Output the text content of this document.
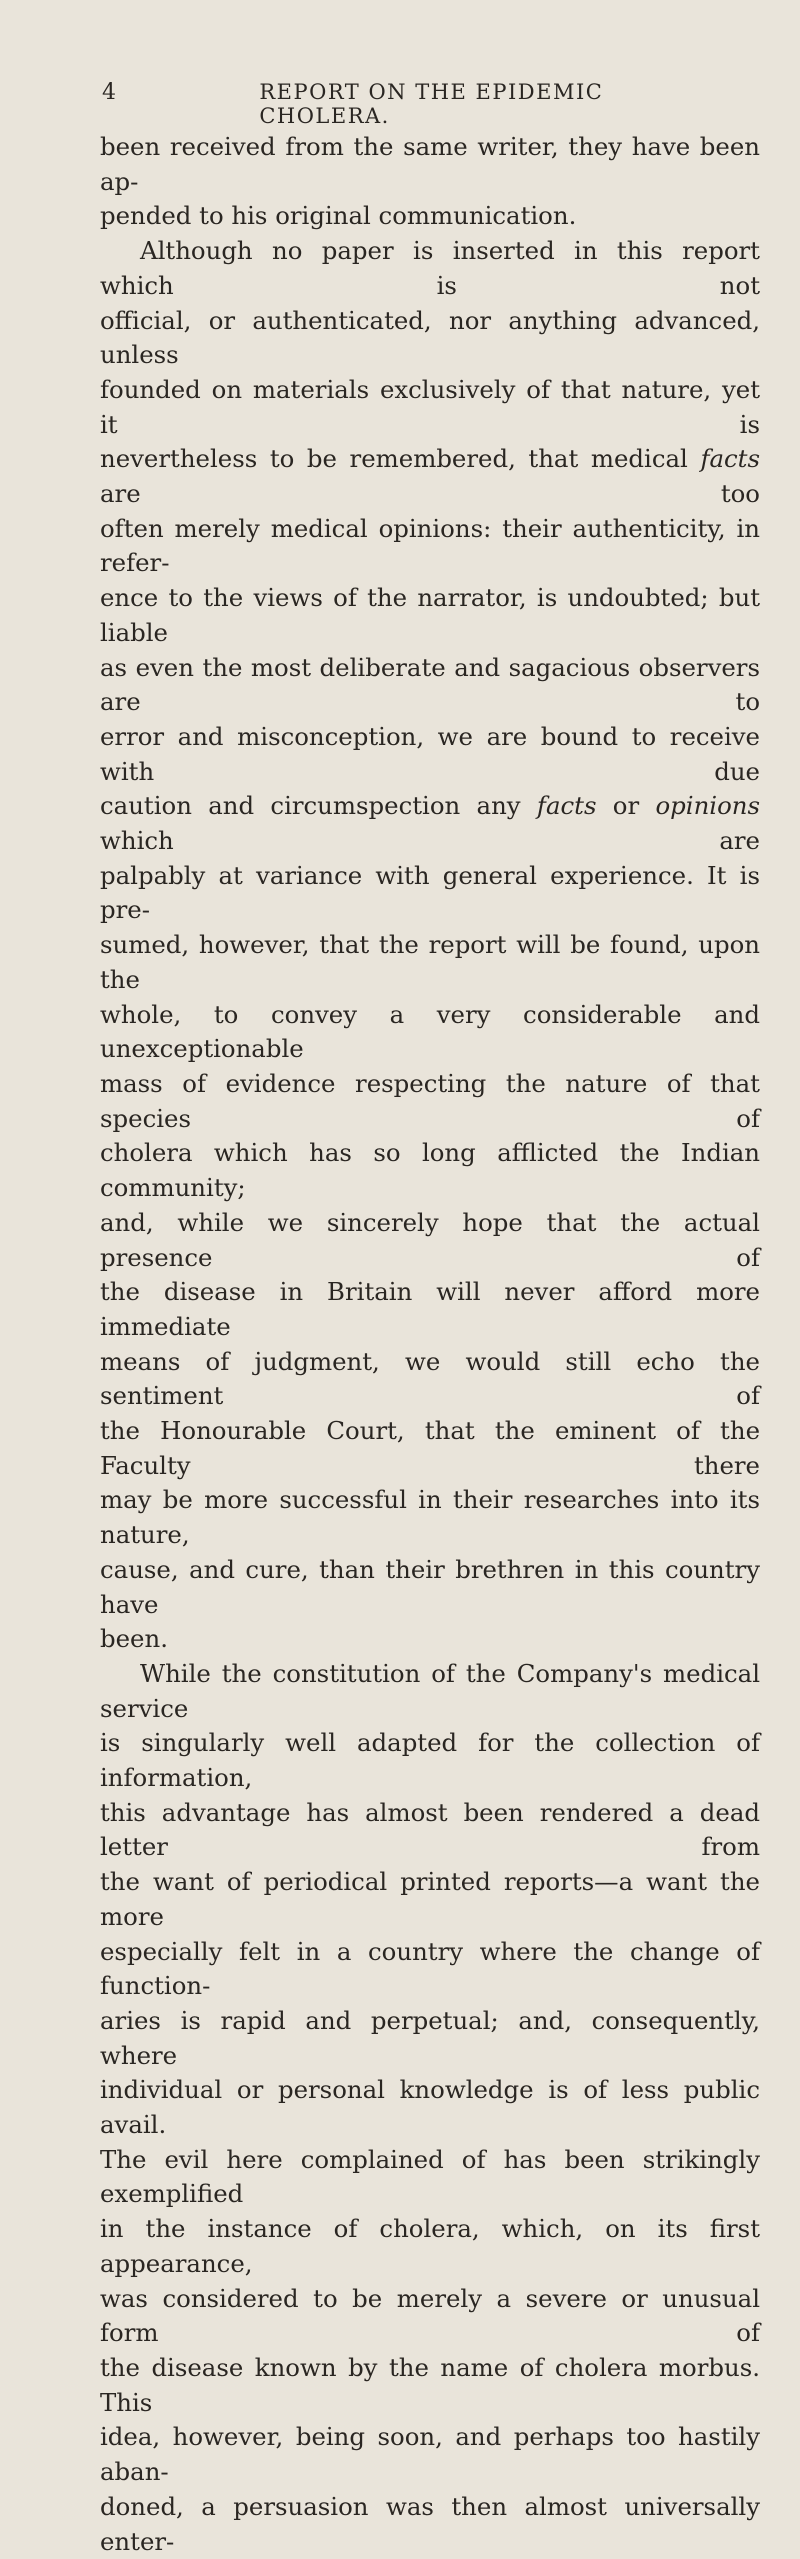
4	REPORT ON THE EPIDEMIC CHOLERA.

been received from the same writer, they have been ap-

pended to his original communication.

Although no paper is inserted in this report which is not

official, or authenticated, nor anything advanced, unless

founded on materials exclusively of that nature, yet it is

nevertheless to be remembered, that medical facts are too

often merely medical opinions: their authenticity, in refer-

ence to the views of the narrator, is undoubted; but liable

as even the most deliberate and sagacious observers are to

error and misconception, we are bound to receive with due

caution and circumspection any facts or opinions which are

palpably at variance with general experience. It is pre-

sumed, however, that the report will be found, upon the

whole, to convey a very considerable and unexceptionable

mass of evidence respecting the nature of that species of

cholera which has so long afflicted the Indian community;

and, while we sincerely hope that the actual presence of

the disease in Britain will never afford more immediate

means of judgment, we would still echo the sentiment of

the Honourable Court, that the eminent of the Faculty there

may be more successful in their researches into its nature,

cause, and cure, than their brethren in this country have

been.

While the constitution of the Company's medical service

is singularly well adapted for the collection of information,

this advantage has almost been rendered a dead letter from

the want of periodical printed reports—a want the more

especially felt in a country where the change of function-

aries is rapid and perpetual; and, consequently, where

individual or personal knowledge is of less public avail.

The evil here complained of has been strikingly exemplified

in the instance of cholera, which, on its first appearance,

was considered to be merely a severe or unusual form of

the disease known by the name of cholera morbus. This

idea, however, being soon, and perhaps too hastily aban-

doned, a persuasion was then almost universally enter-
